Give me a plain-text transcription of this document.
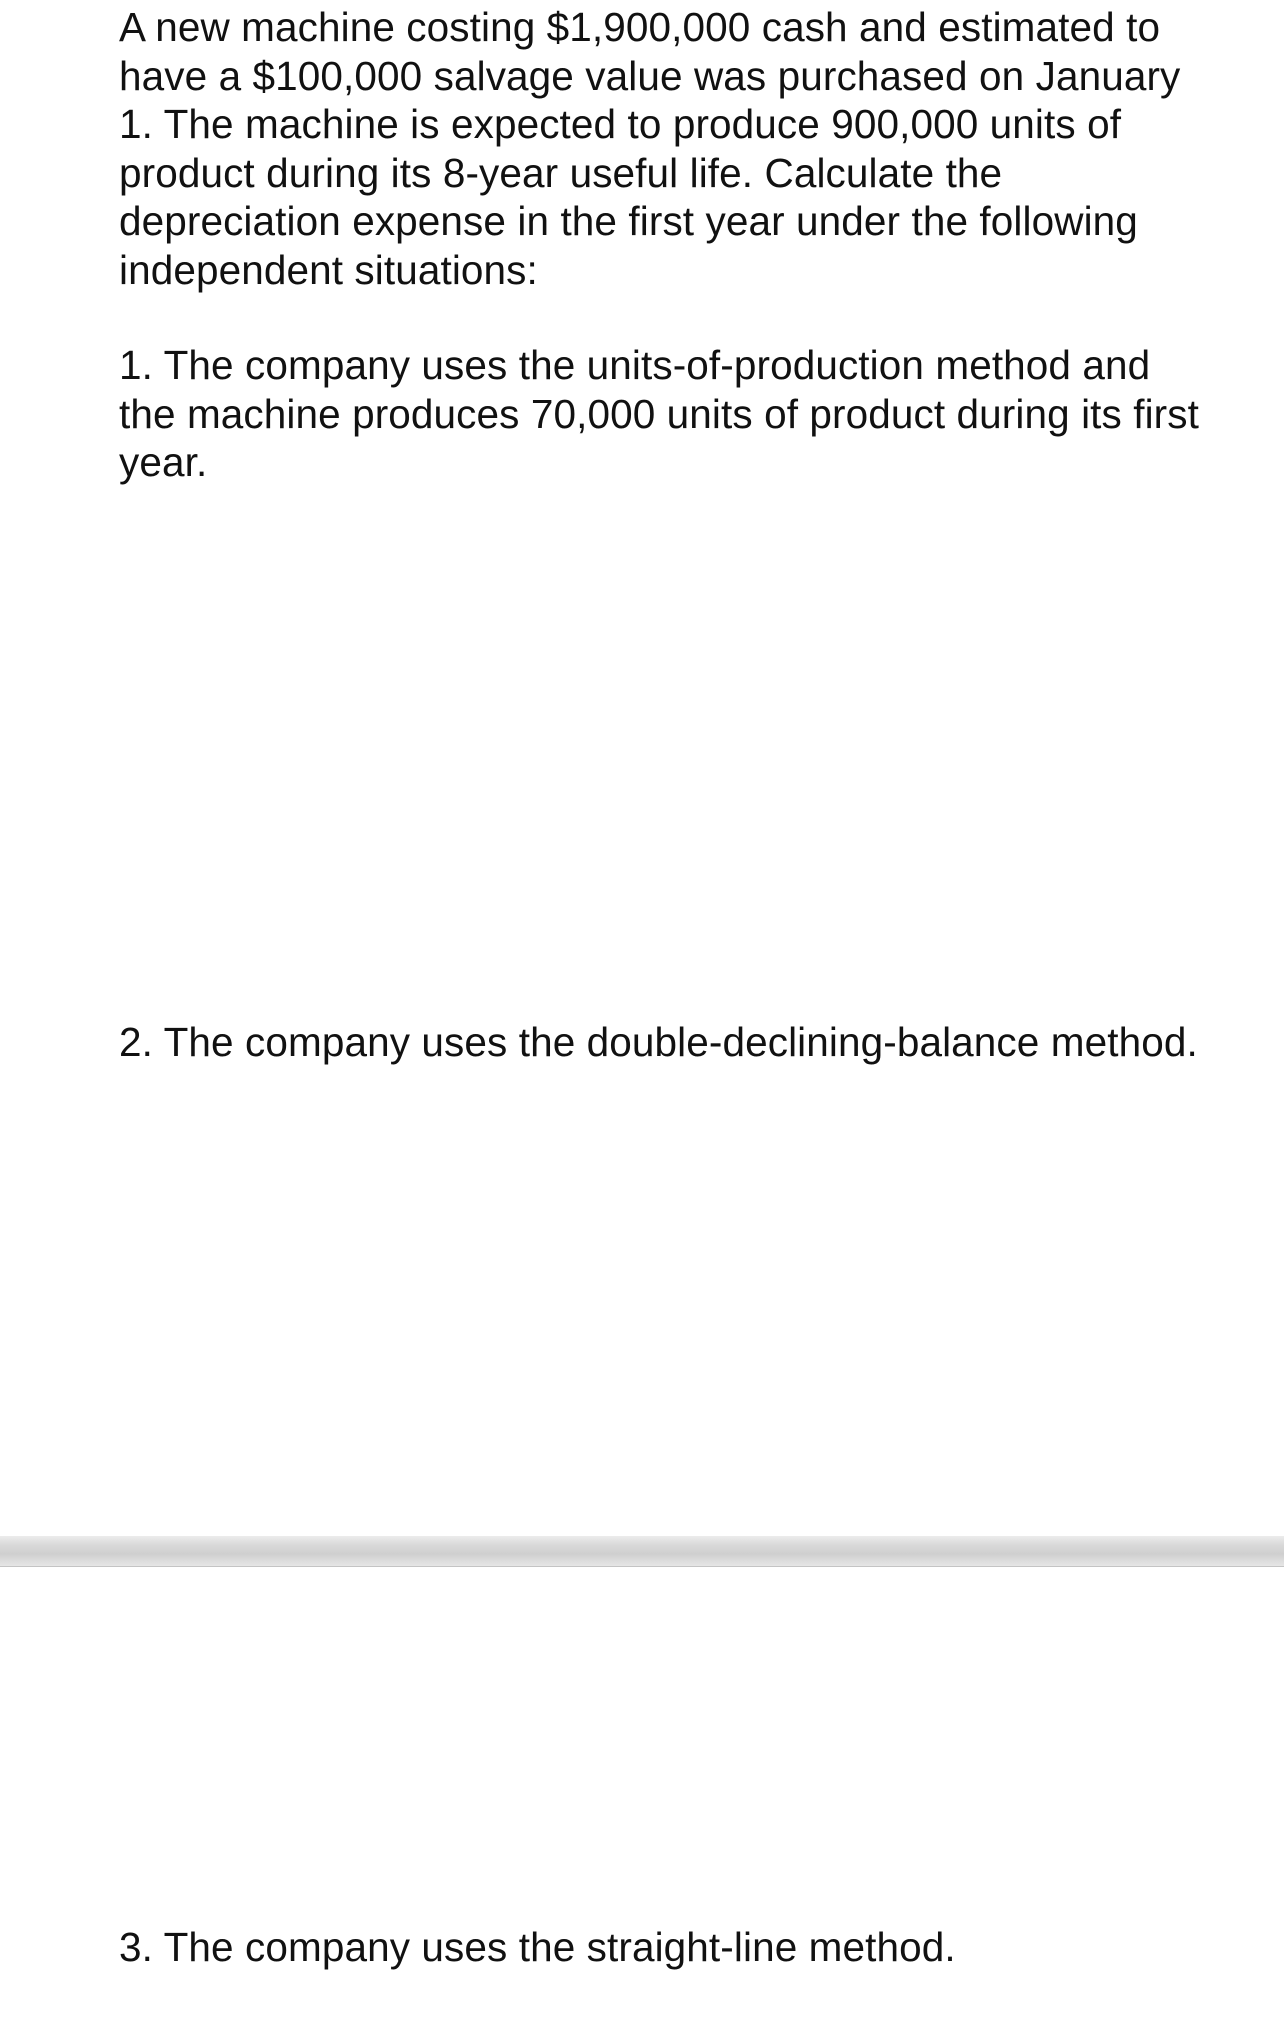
A new machine costing $1,900,000 cash and estimated to have a $100,000 salvage value was purchased on January 1. The machine is expected to produce 900,000 units of product during its 8-year useful life. Calculate the depreciation expense in the first year under the following independent situations:

1. The company uses the units-of-production method and the machine produces 70,000 units of product during its first year.

2. The company uses the double-declining-balance method.

3. The company uses the straight-line method.
